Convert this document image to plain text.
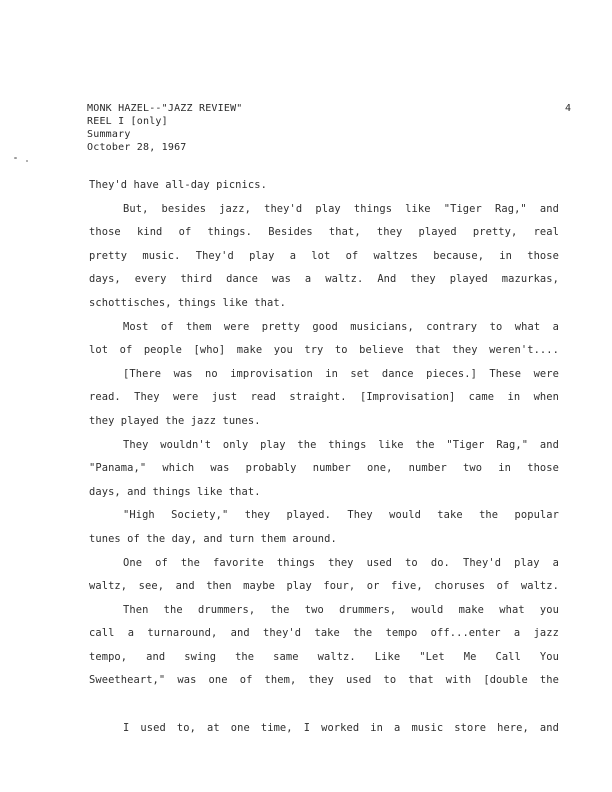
MONK HAZEL--"JAZZ REVIEW"
REEL I [only]
Summary
October 28, 1967
4
They'd have all-day picnics.
But, besides jazz, they'd play things like "Tiger Rag," and
those kind of things. Besides that, they played pretty, real
pretty music. They'd play a lot of waltzes because, in those
days, every third dance was a waltz. And they played mazurkas,
schottisches, things like that.
Most of them were pretty good musicians, contrary to what a
lot of people [who] make you try to believe that they weren't....
[There was no improvisation in set dance pieces.] These were
read. They were just read straight. [Improvisation] came in when
they played the jazz tunes.
They wouldn't only play the things like the "Tiger Rag," and
"Panama," which was probably number one, number two in those
days, and things like that.
"High Society," they played. They would take the popular
tunes of the day, and turn them around.
One of the favorite things they used to do. They'd play a
waltz, see, and then maybe play four, or five, choruses of waltz.
Then the drummers, the two drummers, would make what you
call a turnaround, and they'd take the tempo off...enter a jazz
tempo, and swing the same waltz. Like "Let Me Call You
Sweetheart," was one of them, they used to that with [double the

I used to, at one time, I worked in a music store here, and
